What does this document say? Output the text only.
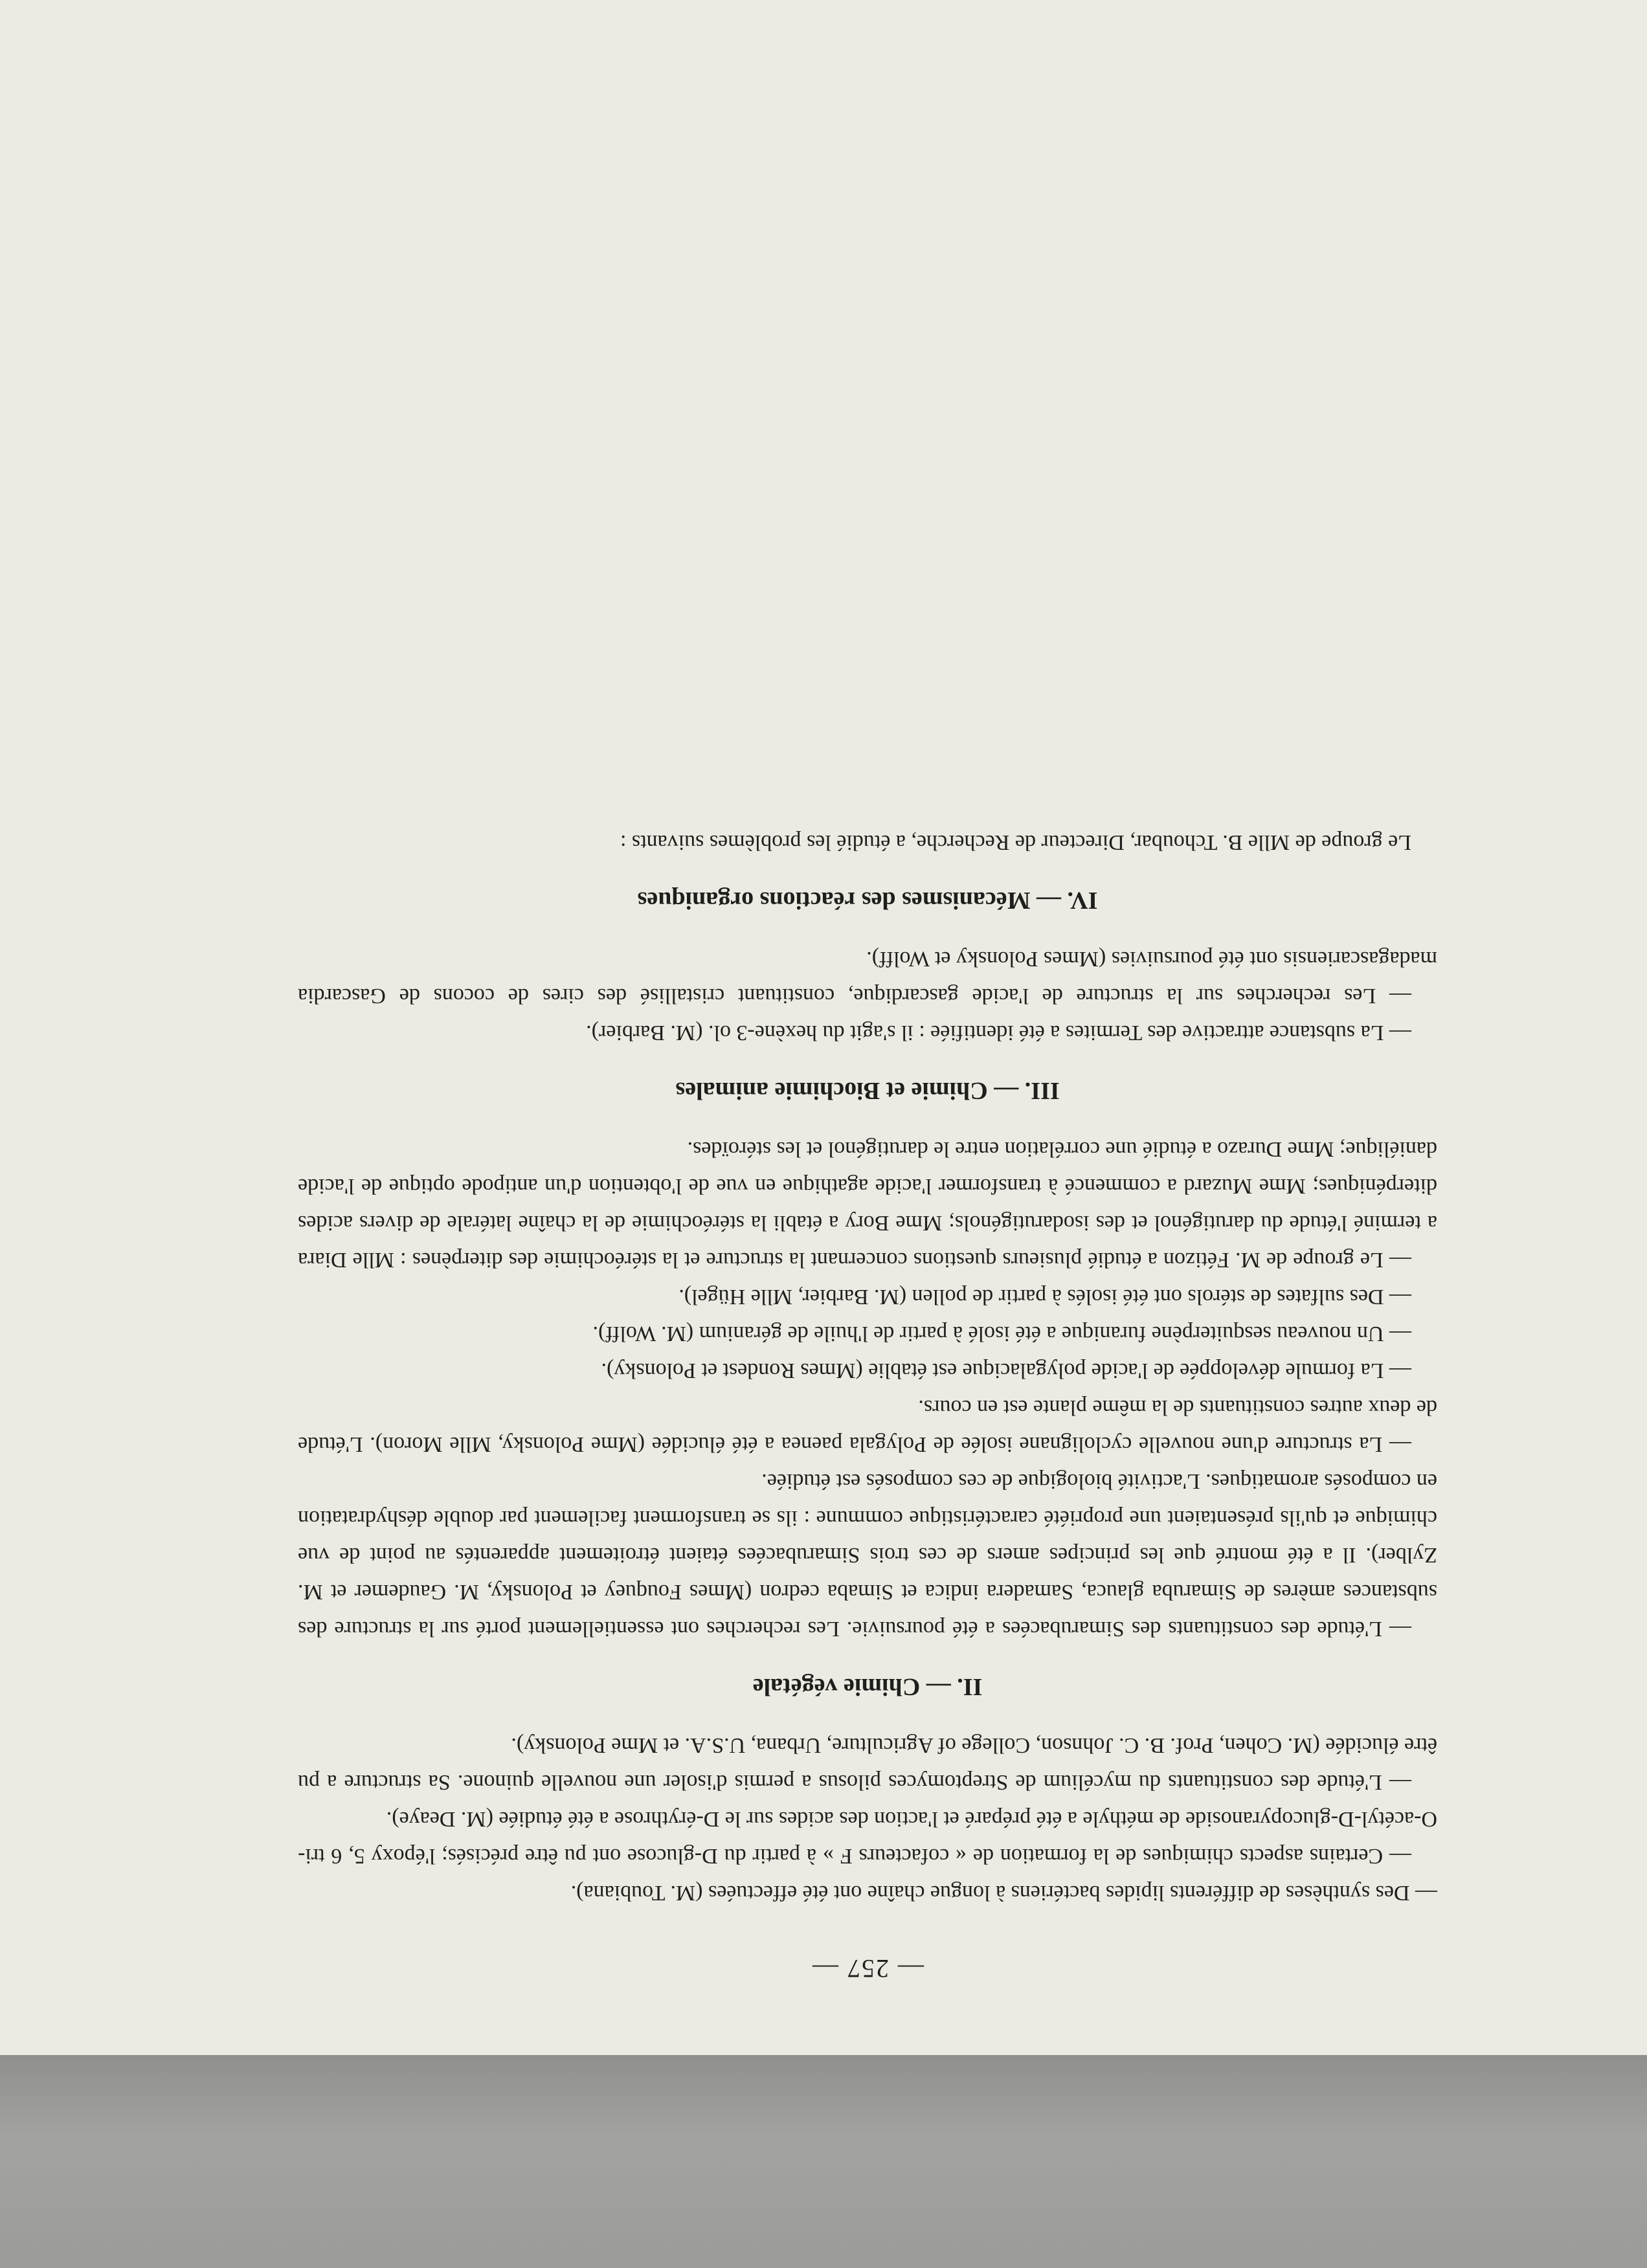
— 257 —

— Des synthèses de différents lipides bactériens à longue chaîne ont été effectuées (M. Toubiana).

— Certains aspects chimiques de la formation de « cofacteurs F » à partir du D-glucose ont pu être précisés; l'époxy 5, 6 tri-O-acétyl-D-glucopyranoside de méthyle a été préparé et l'action des acides sur le D-érythrose a été étudiée (M. Deaye).

— L'étude des constituants du mycélium de Streptomyces pilosus a permis d'isoler une nouvelle quinone. Sa structure a pu être élucidée (M. Cohen, Prof. B. C. Johnson, College of Agriculture, Urbana, U.S.A. et Mme Polonsky).

II. — Chimie végétale

— L'étude des constituants des Simarubacées a été poursuivie. Les recherches ont essentiellement porté sur la structure des substances amères de Simaruba glauca, Samadera indica et Simaba cedron (Mmes Fouquey et Polonsky, M. Gaudemer et M. Zylber). Il a été montré que les principes amers de ces trois Simarubacées étaient étroitement apparentés au point de vue chimique et qu'ils présentaient une propriété caractéristique commune : ils se transforment facilement par double déshydratation en composés aromatiques. L'activité biologique de ces composés est étudiée.

— La structure d'une nouvelle cyclolignane isolée de Polygala paenea a été élucidée (Mme Polonsky, Mlle Moron). L'étude de deux autres constituants de la même plante est en cours.

— La formule développée de l'acide polygalacique est établie (Mmes Rondest et Polonsky).

— Un nouveau sesquiterpène furanique a été isolé à partir de l'huile de géranium (M. Wolff).

— Des sulfates de stérols ont été isolés à partir de pollen (M. Barbier, Mlle Hügel).

— Le groupe de M. Fétizon a étudié plusieurs questions concernant la structure et la stéréochimie des diterpènes : Mlle Diara a terminé l'étude du darutigénol et des isodarutigénols; Mme Bory a établi la stéréochimie de la chaîne latérale de divers acides diterpéniques; Mme Muzard a commencé à transformer l'acide agathique en vue de l'obtention d'un antipode optique de l'acide daniélique; Mme Durazo a étudié une corrélation entre le darutigénol et les stéroïdes.

III. — Chimie et Biochimie animales

— La substance attractive des Termites a été identifiée : il s'agit du hexène-3 ol. (M. Barbier).

— Les recherches sur la structure de l'acide gascardique, constituant cristallisé des cires de cocons de Gascardia madagascariensis ont été poursuivies (Mmes Polonsky et Wolff).

IV. — Mécanismes des réactions organiques

Le groupe de Mlle B. Tchoubar, Directeur de Recherche, a étudié les problèmes suivants :
